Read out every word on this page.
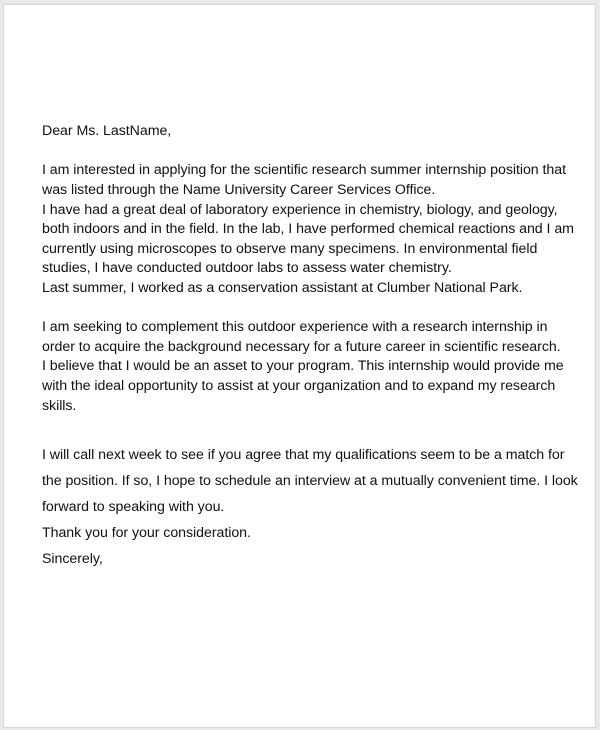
Dear Ms. LastName,

I am interested in applying for the scientific research summer internship position that

was listed through the Name University Career Services Office.

I have had a great deal of laboratory experience in chemistry, biology, and geology,

both indoors and in the field. In the lab, I have performed chemical reactions and I am

currently using microscopes to observe many specimens. In environmental field

studies, I have conducted outdoor labs to assess water chemistry.

Last summer, I worked as a conservation assistant at Clumber National Park.

I am seeking to complement this outdoor experience with a research internship in

order to acquire the background necessary for a future career in scientific research.

I believe that I would be an asset to your program. This internship would provide me

with the ideal opportunity to assist at your organization and to expand my research

skills.

I will call next week to see if you agree that my qualifications seem to be a match for

the position. If so, I hope to schedule an interview at a mutually convenient time. I look

forward to speaking with you.

Thank you for your consideration.

Sincerely,
